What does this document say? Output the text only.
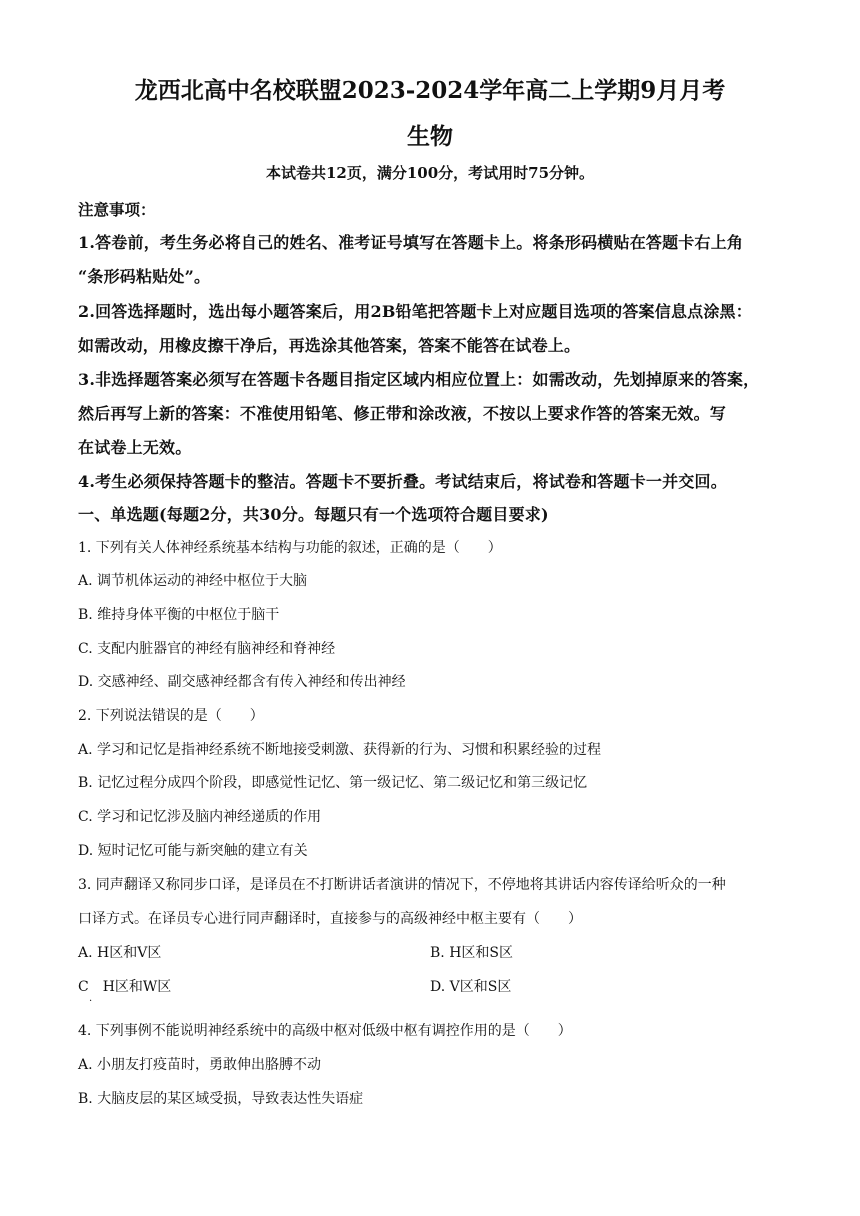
龙西北高中名校联盟2023-2024学年高二上学期9月月考
生物
本试卷共12页，满分100分，考试用时75分钟。
注意事项：
1.答卷前，考生务必将自己的姓名、准考证号填写在答题卡上。将条形码横贴在答题卡右上角
“条形码粘贴处”。
2.回答选择题时，选出每小题答案后，用2B铅笔把答题卡上对应题目选项的答案信息点涂黑：
如需改动，用橡皮擦干净后，再选涂其他答案，答案不能答在试卷上。
3.非选择题答案必须写在答题卡各题目指定区域内相应位置上：如需改动，先划掉原来的答案，
然后再写上新的答案：不准使用铅笔、修正带和涂改液，不按以上要求作答的答案无效。写
在试卷上无效。
4.考生必须保持答题卡的整洁。答题卡不要折叠。考试结束后，将试卷和答题卡一并交回。
一、单选题(每题2分，共30分。每题只有一个选项符合题目要求)
1. 下列有关人体神经系统基本结构与功能的叙述，正确的是（　　）
A. 调节机体运动的神经中枢位于大脑
B. 维持身体平衡的中枢位于脑干
C. 支配内脏器官的神经有脑神经和脊神经
D. 交感神经、副交感神经都含有传入神经和传出神经
2. 下列说法错误的是（　　）
A. 学习和记忆是指神经系统不断地接受刺激、获得新的行为、习惯和积累经验的过程
B. 记忆过程分成四个阶段，即感觉性记忆、第一级记忆、第二级记忆和第三级记忆
C. 学习和记忆涉及脑内神经递质的作用
D. 短时记忆可能与新突触的建立有关
3. 同声翻译又称同步口译，是译员在不打断讲话者演讲的情况下，不停地将其讲话内容传译给听众的一种
口译方式。在译员专心进行同声翻译时，直接参与的高级神经中枢主要有（　　）
A. H区和V区	B. H区和S区
C　H区和W区	D. V区和S区
.
4. 下列事例不能说明神经系统中的高级中枢对低级中枢有调控作用的是（　　）
A. 小朋友打疫苗时，勇敢伸出胳膊不动
B. 大脑皮层的某区域受损，导致表达性失语症
